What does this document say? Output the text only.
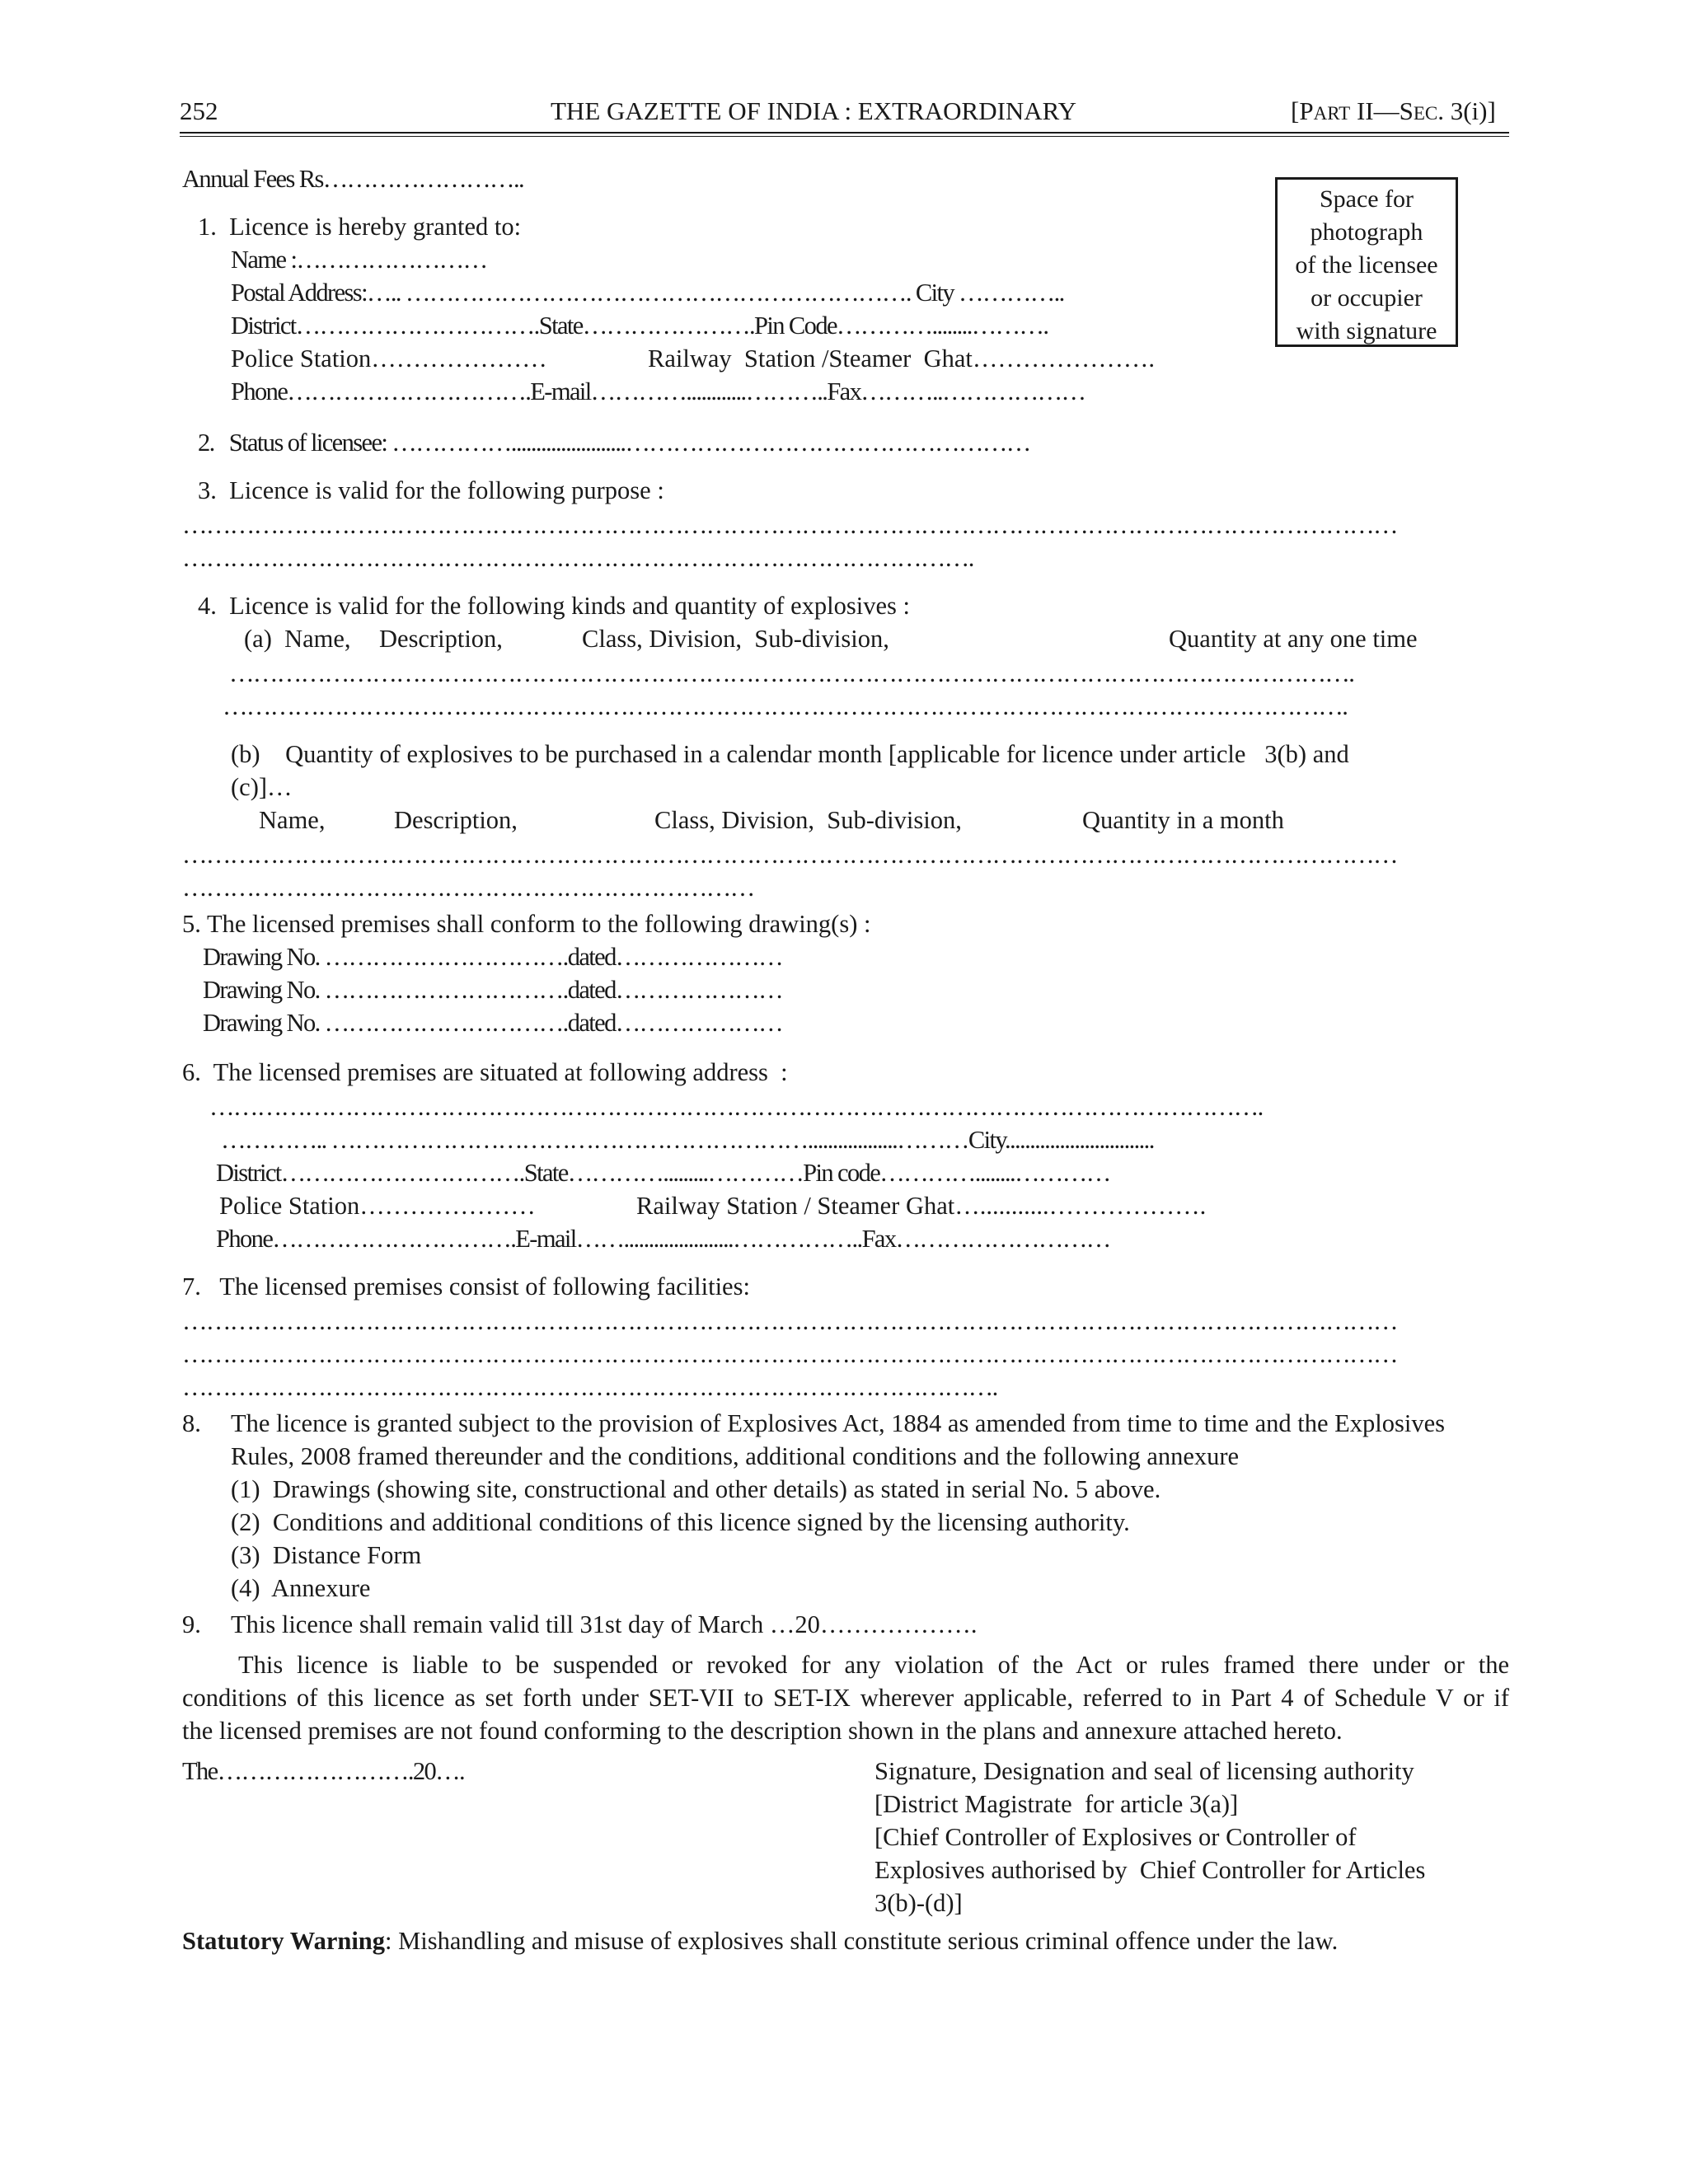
252	THE GAZETTE OF INDIA : EXTRAORDINARY	[PART II—SEC. 3(i)]
Space for
photograph
of the licensee
or occupier
with signature
Annual Fees Rs……………………..
1.  Licence is hereby granted to:
Name :……………………
Postal Address:….. ………………………………………………………. City …………..
District………………………….State………………….Pin Code…………........……….
Police Station…………………	Railway  Station /Steamer  Ghat………………….
Phone………………………….E-mail…………............………..Fax………..………………
2.   Status of licensee: …………….......................……………………………………………
3.  Licence is valid for the following purpose :
………………………………………………………………………………………………………………………………………
……………………………………………………………………………………….
4.  Licence is valid for the following kinds and quantity of explosives :
(a)  Name, Description,	Class, Division,  Sub-division,	Quantity at any one time
…………………………………………………………………………………………………………………………….
…………………………………………………………………………………………………………………………….
(b)    Quantity of explosives to be purchased in a calendar month [applicable for licence under article   3(b) and
(c)]…
Name,	Description,	Class, Division,  Sub-division,	Quantity in a month
………………………………………………………………………………………………………………………………………
………………………………………………………………
5. The licensed premises shall conform to the following drawing(s) :
Drawing No. ………………………….dated…………………
Drawing No. ………………………….dated…………………
Drawing No. ………………………….dated…………………
6.  The licensed premises are situated at following address  :
…………………………………………………………………………………………………………………….
………….. ……………………………………………………..................………City..............................
District………………………….State………….........…………Pin code…………........…………
Police Station…………………	Railway Station / Steamer Ghat…...........……………….
Phone………………………….E-mail……......................……………..Fax………………………
7.   The licensed premises consist of following facilities:
………………………………………………………………………………………………………………………………………
………………………………………………………………………………………………………………………………………
………………………………………………………………………………………….
8. The licence is granted subject to the provision of Explosives Act, 1884 as amended from time to time and the Explosives
Rules, 2008 framed thereunder and the conditions, additional conditions and the following annexure
(1)  Drawings (showing site, constructional and other details) as stated in serial No. 5 above.
(2)  Conditions and additional conditions of this licence signed by the licensing authority.
(3)  Distance Form
(4)  Annexure
9. This licence shall remain valid till 31st day of March …20……………….
This licence is liable to be suspended or revoked for any violation of the Act or rules framed there under or the
conditions of this licence as set forth under SET-VII to SET-IX wherever applicable, referred to in Part 4 of Schedule V or if
the licensed premises are not found conforming to the description shown in the plans and annexure attached hereto.
The…………………….20….	Signature, Designation and seal of licensing authority
[District Magistrate  for article 3(a)]
[Chief Controller of Explosives or Controller of
Explosives authorised by  Chief Controller for Articles
3(b)-(d)]
Statutory Warning: Mishandling and misuse of explosives shall constitute serious criminal offence under the law.
